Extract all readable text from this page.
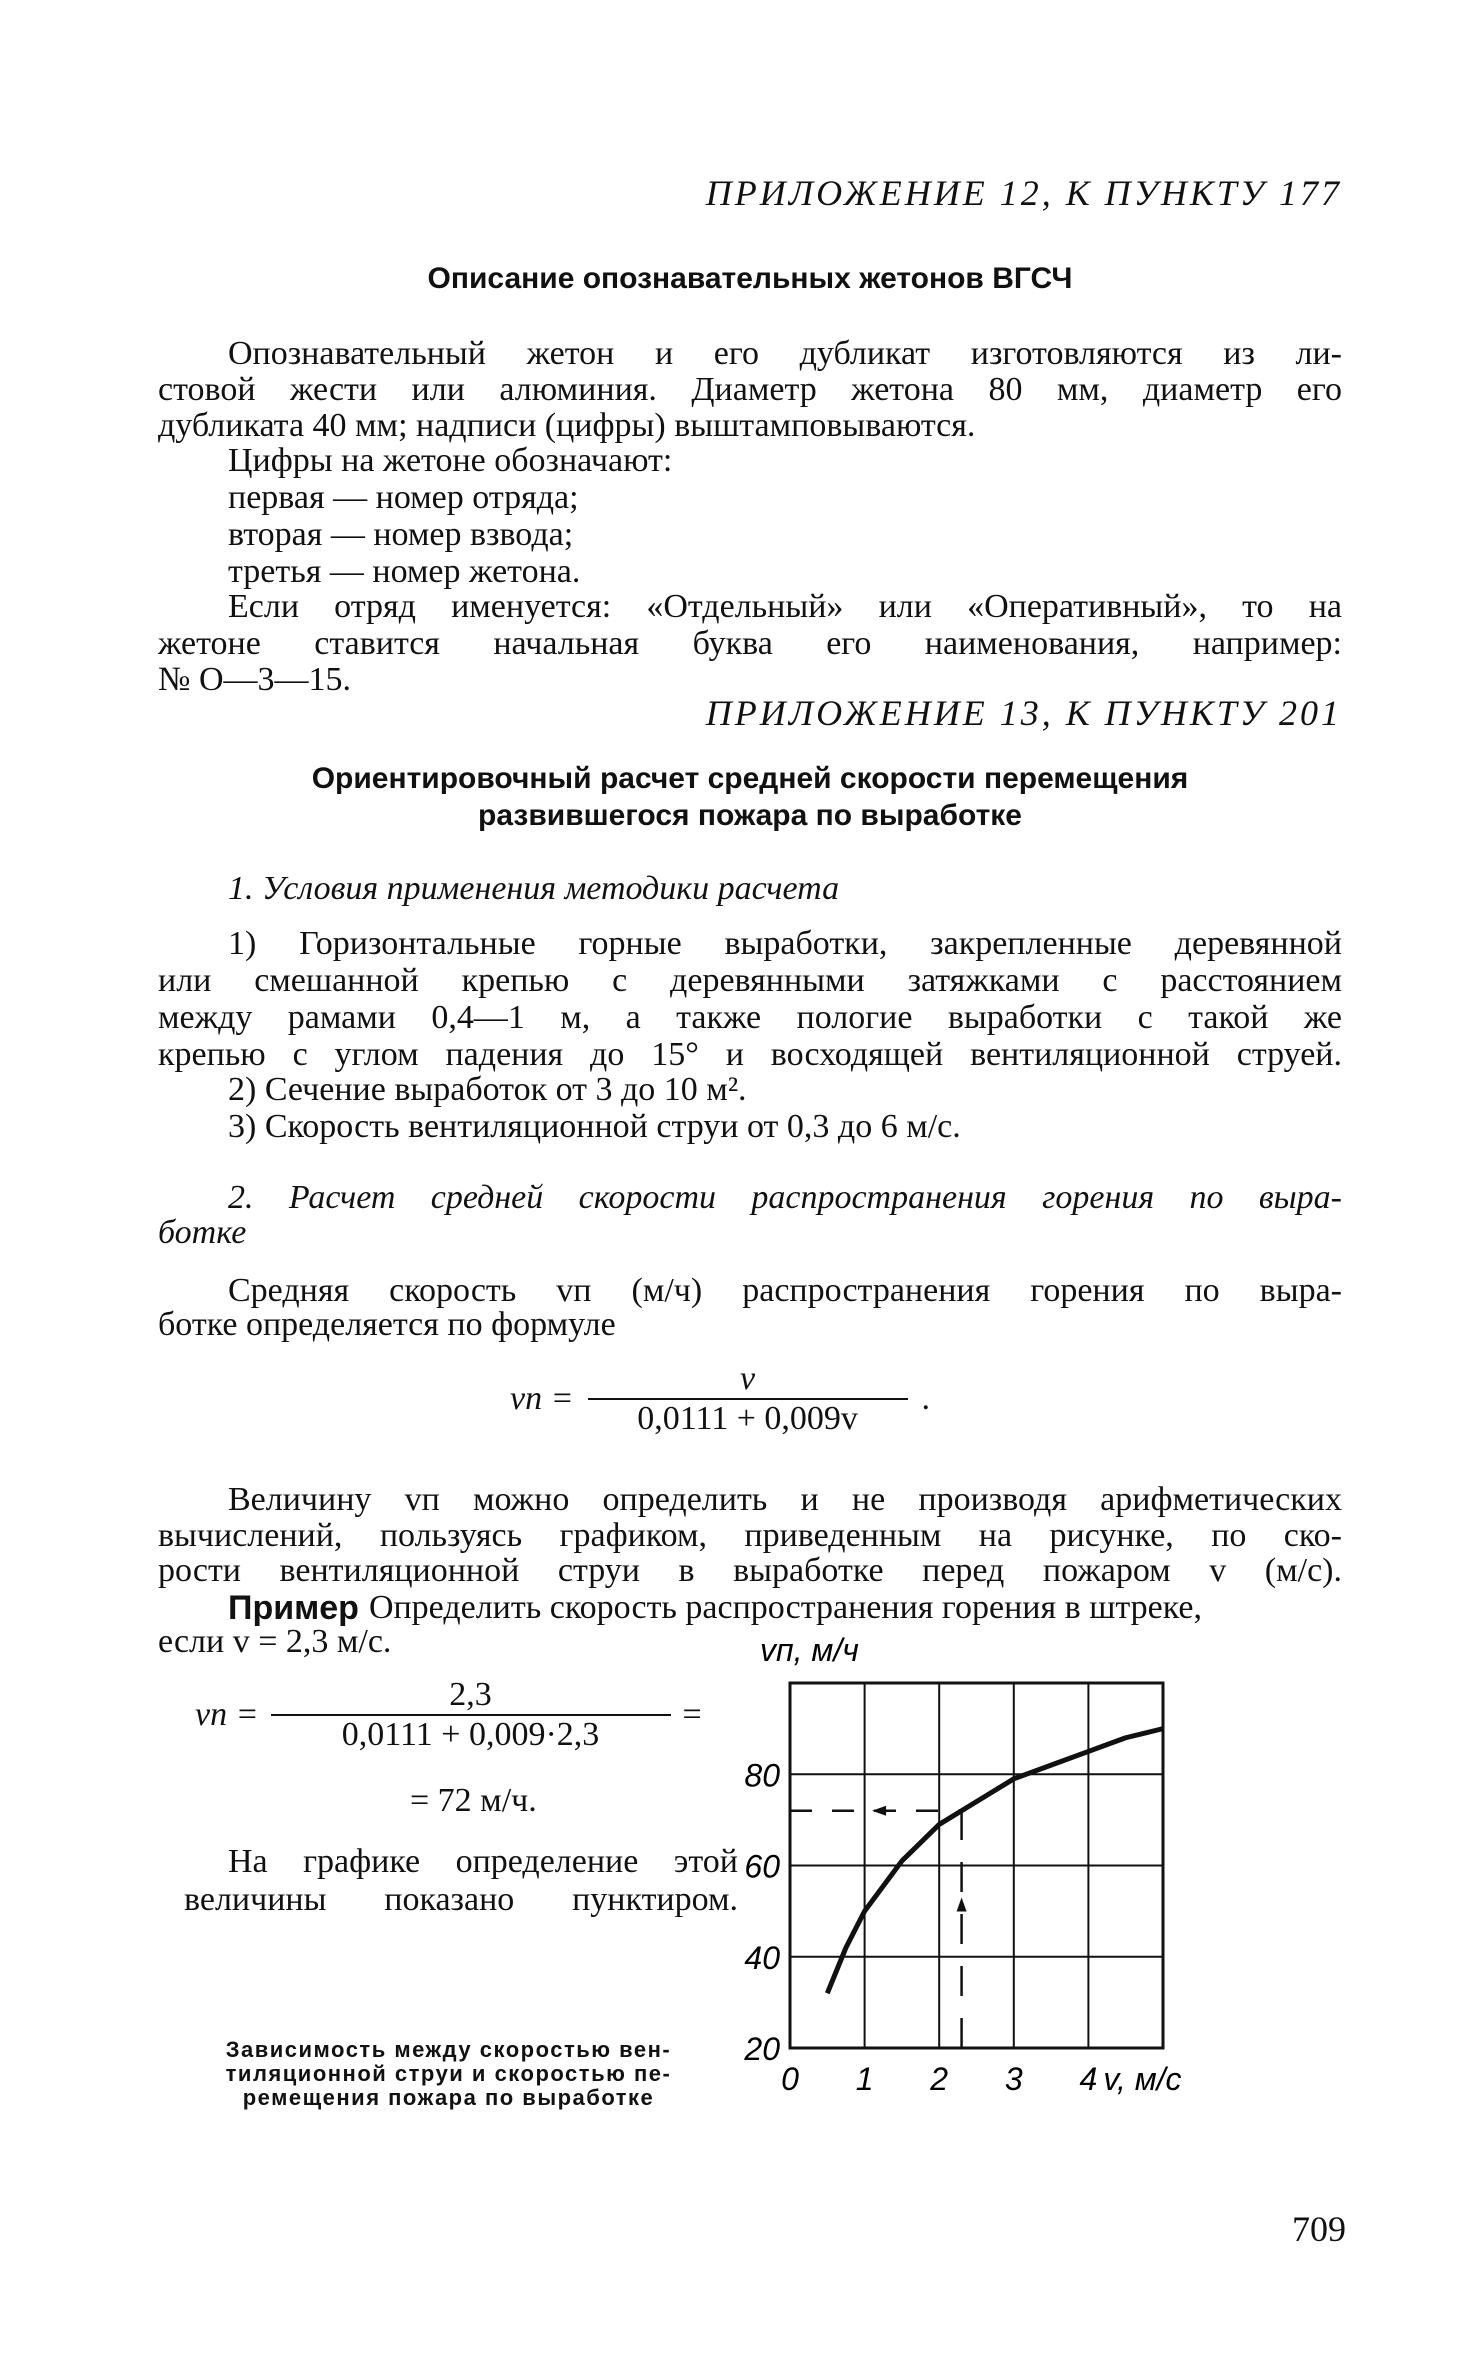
ПРИЛОЖЕНИЕ 12, К ПУНКТУ 177
Описание опознавательных жетонов ВГСЧ
Опознавательный жетон и его дубликат изготовляются из ли-
стовой жести или алюминия. Диаметр жетона 80 мм, диаметр его
дубликата 40 мм; надписи (цифры) выштамповываются.
Цифры на жетоне обозначают:
первая — номер отряда;
вторая — номер взвода;
третья — номер жетона.
Если отряд именуется: «Отдельный» или «Оперативный», то на
жетоне ставится начальная буква его наименования, например:
№ О—3—15.
ПРИЛОЖЕНИЕ 13, К ПУНКТУ 201
Ориентировочный расчет средней скорости перемещения
развившегося пожара по выработке
1. Условия применения методики расчета
1) Горизонтальные горные выработки, закрепленные деревянной
или смешанной крепью с деревянными затяжками с расстоянием
между рамами 0,4—1 м, а также пологие выработки с такой же
крепью с углом падения до 15° и восходящей вентиляционной струей.
2) Сечение выработок от 3 до 10 м².
3) Скорость вентиляционной струи от 0,3 до 6 м/с.
2. Расчет средней скорости распространения горения по выра-
ботке
Средняя скорость vп (м/ч) распространения горения по выра-
ботке определяется по формуле
vп = $\frac{v}{0,0111 + 0,009v}$ .
Величину vп можно определить и не производя арифметических
вычислений, пользуясь графиком, приведенным на рисунке, по ско-
рости вентиляционной струи в выработке перед пожаром v (м/с).
Пример Определить скорость распространения горения в штреке,
если v = 2,3 м/с.
vп = $\frac{2,3}{0,0111 + 0,009\cdot 2,3}$ =
= 72 м/ч.
На графике определение этой
величины показано пунктиром.
Зависимость между скоростью вен-
тиляционной струи и скоростью пе-
ремещения пожара по выработке
20
40
60
80
0 1 2 3 4 v, м/с
vп, м/ч
709
